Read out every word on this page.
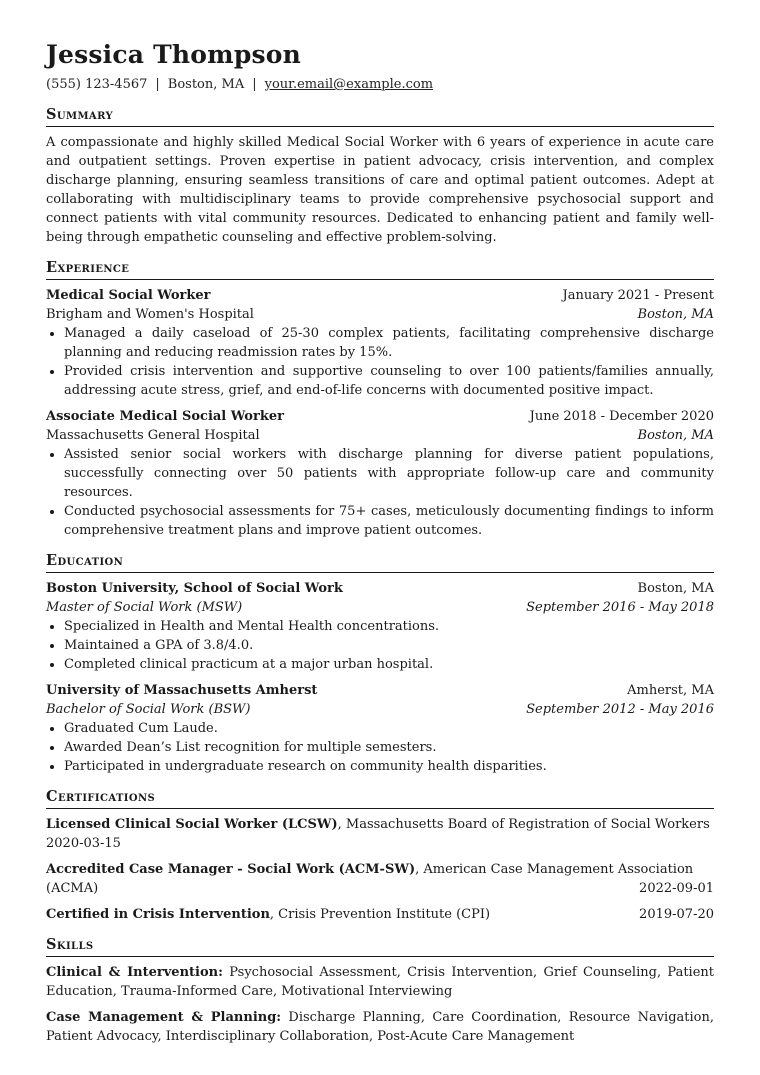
Jessica Thompson
(555) 123-4567 | Boston, MA | your.email@example.com
Summary

A compassionate and highly skilled Medical Social Worker with 6 years of experience in acute care and outpatient settings. Proven expertise in patient advocacy, crisis intervention, and complex discharge planning, ensuring seamless transitions of care and optimal patient outcomes. Adept at collaborating with multidisciplinary teams to provide comprehensive psychosocial support and connect patients with vital community resources. Dedicated to enhancing patient and family well-being through empathetic counseling and effective problem-solving.

Experience
Medical Social Worker	January 2021 - Present
Brigham and Women's Hospital	Boston, MA
• Managed a daily caseload of 25-30 complex patients, facilitating comprehensive discharge planning and reducing readmission rates by 15%.
• Provided crisis intervention and supportive counseling to over 100 patients/families annually, addressing acute stress, grief, and end-of-life concerns with documented positive impact.
Associate Medical Social Worker	June 2018 - December 2020
Massachusetts General Hospital	Boston, MA
• Assisted senior social workers with discharge planning for diverse patient populations, successfully connecting over 50 patients with appropriate follow-up care and community resources.
• Conducted psychosocial assessments for 75+ cases, meticulously documenting findings to inform comprehensive treatment plans and improve patient outcomes.
Education
Boston University, School of Social Work	Boston, MA
Master of Social Work (MSW)	September 2016 - May 2018
• Specialized in Health and Mental Health concentrations.
• Maintained a GPA of 3.8/4.0.
• Completed clinical practicum at a major urban hospital.
University of Massachusetts Amherst	Amherst, MA
Bachelor of Social Work (BSW)	September 2012 - May 2016
• Graduated Cum Laude.
• Awarded Dean’s List recognition for multiple semesters.
• Participated in undergraduate research on community health disparities.
Certifications
Licensed Clinical Social Worker (LCSW), Massachusetts Board of Registration of Social Workers
2020-03-15
Accredited Case Manager - Social Work (ACM-SW), American Case Management Association
(ACMA)	2022-09-01
Certified in Crisis Intervention, Crisis Prevention Institute (CPI)	2019-07-20
Skills
Clinical & Intervention: Psychosocial Assessment, Crisis Intervention, Grief Counseling, Patient Education, Trauma-Informed Care, Motivational Interviewing
Case Management & Planning: Discharge Planning, Care Coordination, Resource Navigation, Patient Advocacy, Interdisciplinary Collaboration, Post-Acute Care Management
